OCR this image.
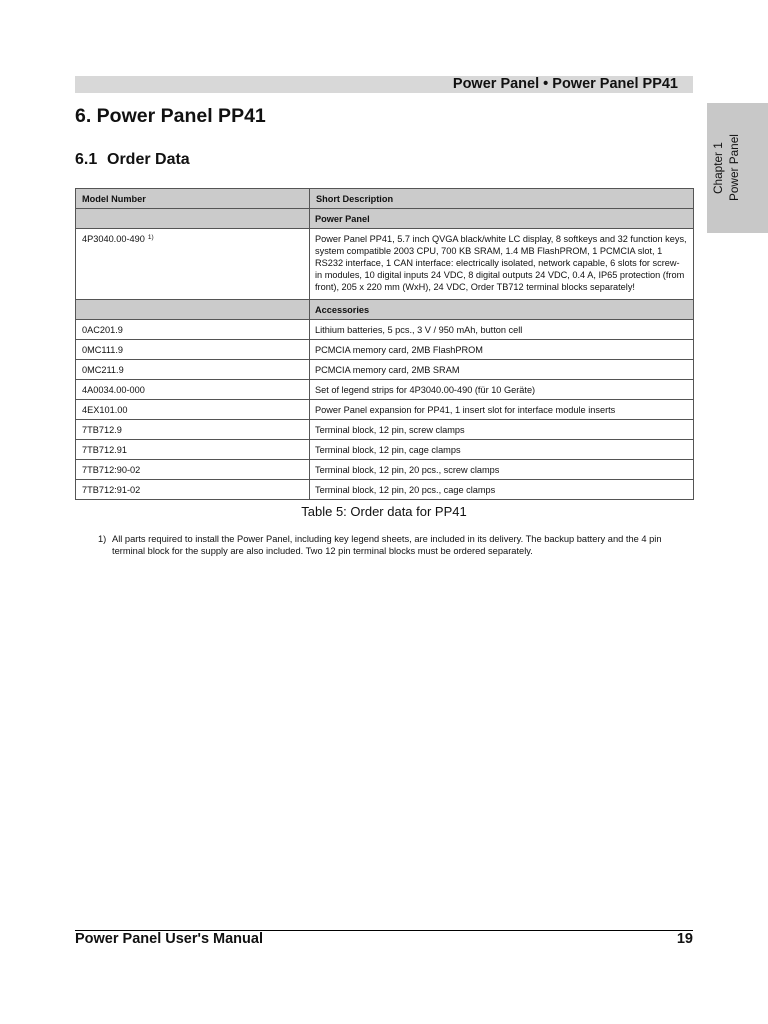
Power Panel • Power Panel PP41
Chapter 1 Power Panel
6. Power Panel PP41
6.1 Order Data
Model Number	Short Description
	Power Panel
4P3040.00-490 $^{1)}$	Power Panel PP41, 5.7 inch QVGA black/white LC display, 8 softkeys and 32 function keys,
system compatible 2003 CPU, 700 KB SRAM, 1.4 MB FlashPROM, 1 PCMCIA slot, 1
RS232 interface, 1 CAN interface: electrically isolated, network capable, 6 slots for screw-
in modules, 10 digital inputs 24 VDC, 8 digital outputs 24 VDC, 0.4 A, IP65 protection (from
front), 205 x 220 mm (WxH), 24 VDC, Order TB712 terminal blocks separately!

	Accessories
0AC201.9	Lithium batteries, 5 pcs., 3 V / 950 mAh, button cell
0MC111.9	PCMCIA memory card, 2MB FlashPROM
0MC211.9	PCMCIA memory card, 2MB SRAM
4A0034.00-000	Set of legend strips for 4P3040.00-490 (für 10 Geräte)
4EX101.00	Power Panel expansion for PP41, 1 insert slot for interface module inserts
7TB712.9	Terminal block, 12 pin, screw clamps
7TB712.91	Terminal block, 12 pin, cage clamps
7TB712:90-02	Terminal block, 12 pin, 20 pcs., screw clamps
7TB712:91-02	Terminal block, 12 pin, 20 pcs., cage clamps
Table 5: Order data for PP41
1) All parts required to install the Power Panel, including key legend sheets, are included in its delivery. The backup battery and the 4 pin
terminal block for the supply are also included. Two 12 pin terminal blocks must be ordered separately.
Power Panel User's Manual	19
